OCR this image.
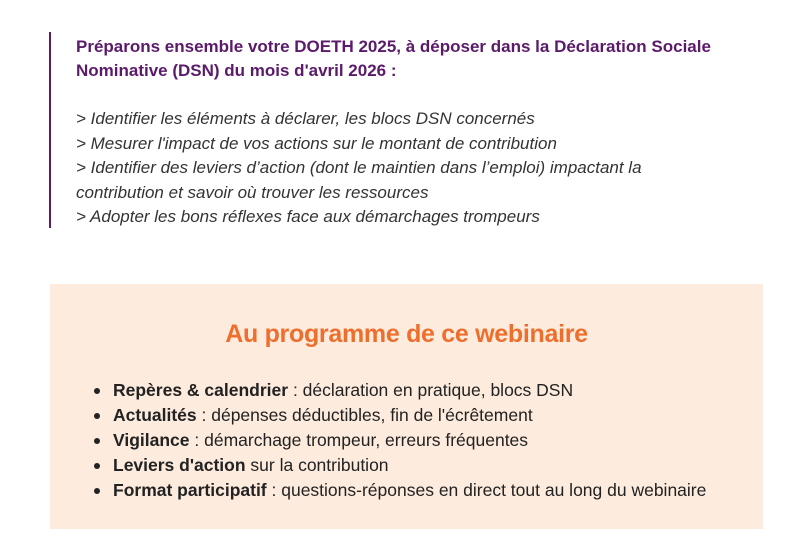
Préparons ensemble votre DOETH 2025, à déposer dans la Déclaration Sociale Nominative (DSN) du mois d'avril 2026 :

> Identifier les éléments à déclarer, les blocs DSN concernés

> Mesurer l'impact de vos actions sur le montant de contribution

> Identifier des leviers d’action (dont le maintien dans l’emploi) impactant la

contribution et savoir où trouver les ressources

> Adopter les bons réflexes face aux démarchages trompeurs

Au programme de ce webinaire
Repères & calendrier : déclaration en pratique, blocs DSN
Actualités : dépenses déductibles, fin de l'écrêtement
Vigilance : démarchage trompeur, erreurs fréquentes
Leviers d'action sur la contribution
Format participatif : questions-réponses en direct tout au long du webinaire
